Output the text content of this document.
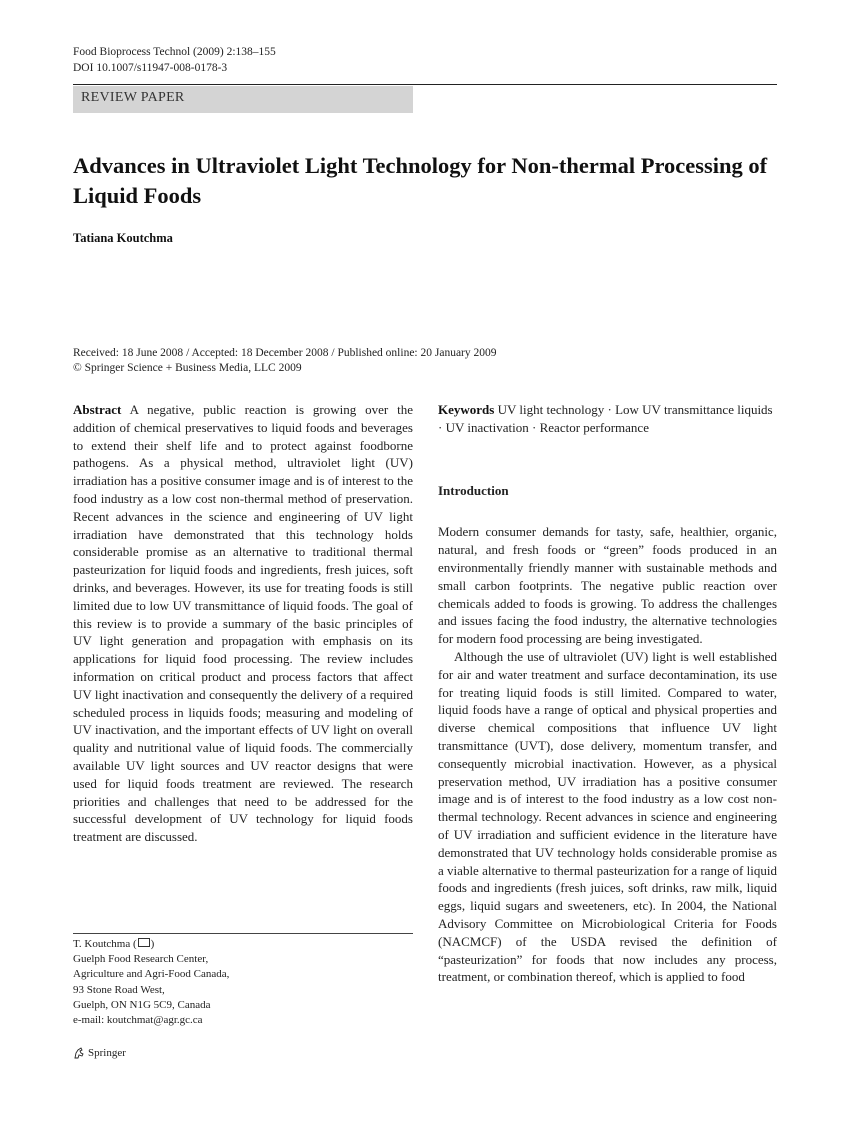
Food Bioprocess Technol (2009) 2:138–155
DOI 10.1007/s11947-008-0178-3
REVIEW PAPER
Advances in Ultraviolet Light Technology for Non-thermal Processing of Liquid Foods
Tatiana Koutchma
Received: 18 June 2008 / Accepted: 18 December 2008 / Published online: 20 January 2009
© Springer Science + Business Media, LLC 2009

Abstract A negative, public reaction is growing over the addition of chemical preservatives to liquid foods and beverages to extend their shelf life and to protect against foodborne pathogens. As a physical method, ultraviolet light (UV) irradiation has a positive consumer image and is of interest to the food industry as a low cost non-thermal method of preservation. Recent advances in the science and engineering of UV light irradiation have demonstrated that this technology holds considerable promise as an alternative to traditional thermal pasteurization for liquid foods and ingredients, fresh juices, soft drinks, and beverages. However, its use for treating foods is still limited due to low UV transmittance of liquid foods. The goal of this review is to provide a summary of the basic principles of UV light generation and propagation with emphasis on its applications for liquid food processing. The review includes information on critical product and process factors that affect UV light inactivation and consequently the delivery of a required scheduled process in liquids foods; measuring and modeling of UV inactivation, and the important effects of UV light on overall quality and nutritional value of liquid foods. The commercially available UV light sources and UV reactor designs that were used for liquid foods treatment are reviewed. The research priorities and challenges that need to be addressed for the successful development of UV technology for liquid foods treatment are discussed.

Keywords UV light technology · Low UV transmittance liquids· UV inactivation · Reactor performance

Introduction

Modern consumer demands for tasty, safe, healthier, organic, natural, and fresh foods or “green” foods produced in an environmentally friendly manner with sustainable methods and small carbon footprints. The negative public reaction over chemicals added to foods is growing. To address the challenges and issues facing the food industry, the alternative technologies for modern food processing are being investigated.

Although the use of ultraviolet (UV) light is well established for air and water treatment and surface decontamination, its use for treating liquid foods is still limited. Compared to water, liquid foods have a range of optical and physical properties and diverse chemical compositions that influence UV light transmittance (UVT), dose delivery, momentum transfer, and consequently microbial inactivation. However, as a physical preservation method, UV irradiation has a positive consumer image and is of interest to the food industry as a low cost non-thermal technology. Recent advances in science and engineering of UV irradiation and sufficient evidence in the literature have demonstrated that UV technology holds considerable promise as a viable alternative to thermal pasteurization for a range of liquid foods and ingredients (fresh juices, soft drinks, raw milk, liquid eggs, liquid sugars and sweeteners, etc). In 2004, the National Advisory Committee on Microbiological Criteria for Foods (NACMCF) of the USDA revised the definition of “pasteurization” for foods that now includes any process, treatment, or combination thereof, which is applied to food

T. Koutchma ( )
Guelph Food Research Center,
Agriculture and Agri-Food Canada,
93 Stone Road West,
Guelph, ON N1G 5C9, Canada
e-mail: koutchmat@agr.gc.ca
Springer
